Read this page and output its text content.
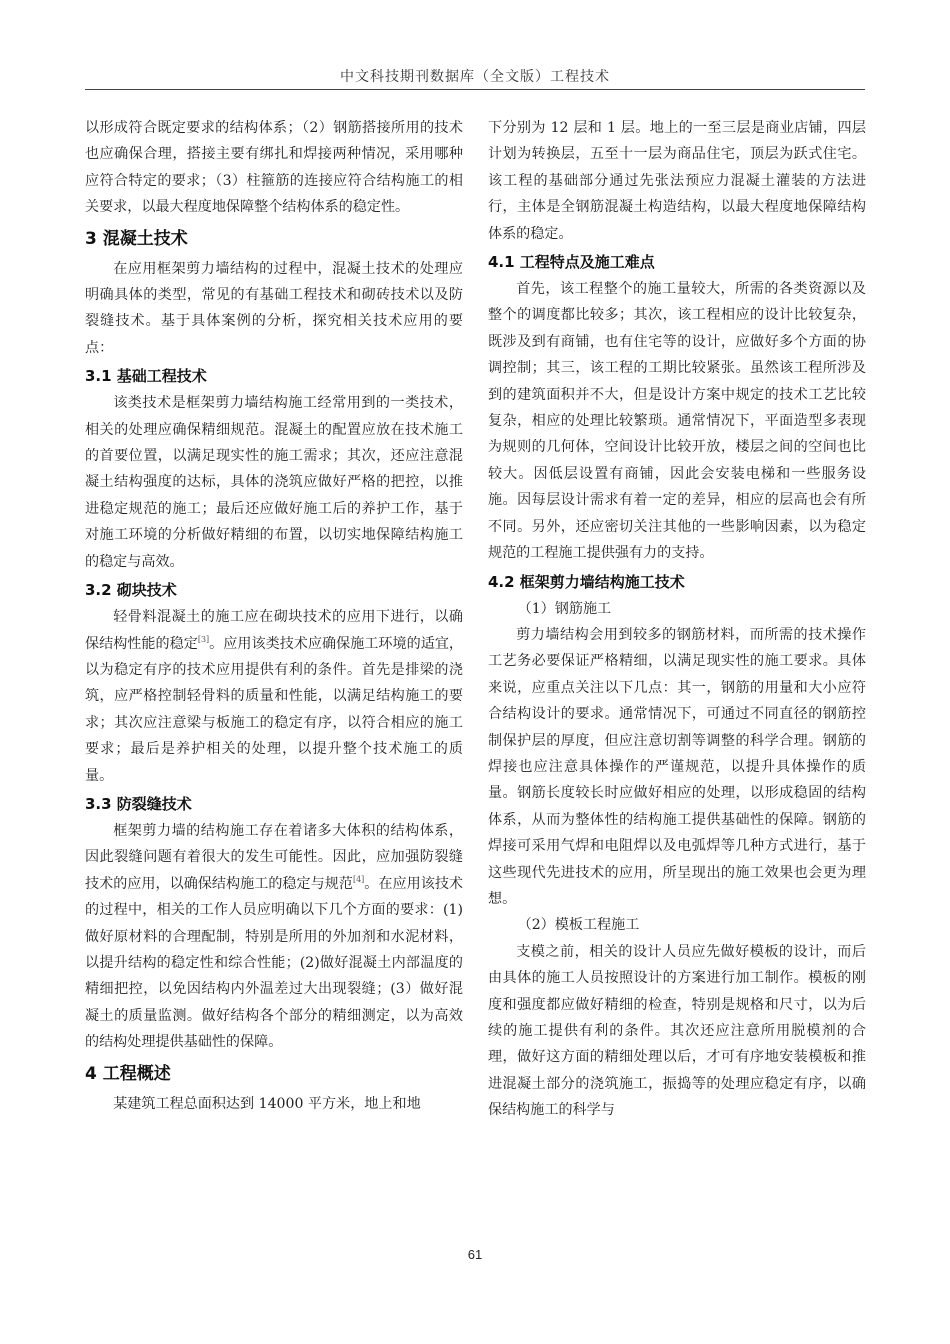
中文科技期刊数据库（全文版）工程技术

以形成符合既定要求的结构体系；（2）钢筋搭接所用的技术也应确保合理，搭接主要有绑扎和焊接两种情况，采用哪种应符合特定的要求；（3）柱箍筋的连接应符合结构施工的相关要求，以最大程度地保障整个结构体系的稳定性。

3 混凝土技术

在应用框架剪力墙结构的过程中，混凝土技术的处理应明确具体的类型，常见的有基础工程技术和砌砖技术以及防裂缝技术。基于具体案例的分析，探究相关技术应用的要点：

3.1 基础工程技术

该类技术是框架剪力墙结构施工经常用到的一类技术，相关的处理应确保精细规范。混凝土的配置应放在技术施工的首要位置，以满足现实性的施工需求；其次，还应注意混凝土结构强度的达标，具体的浇筑应做好严格的把控，以推进稳定规范的施工；最后还应做好施工后的养护工作，基于对施工环境的分析做好精细的布置，以切实地保障结构施工的稳定与高效。

3.2 砌块技术

轻骨料混凝土的施工应在砌块技术的应用下进行，以确保结构性能的稳定[3]。应用该类技术应确保施工环境的适宜，以为稳定有序的技术应用提供有利的条件。首先是排梁的浇筑，应严格控制轻骨料的质量和性能，以满足结构施工的要求；其次应注意梁与板施工的稳定有序，以符合相应的施工要求；最后是养护相关的处理，以提升整个技术施工的质量。

3.3 防裂缝技术

框架剪力墙的结构施工存在着诸多大体积的结构体系，因此裂缝问题有着很大的发生可能性。因此，应加强防裂缝技术的应用，以确保结构施工的稳定与规范[4]。在应用该技术的过程中，相关的工作人员应明确以下几个方面的要求：(1)做好原材料的合理配制，特别是所用的外加剂和水泥材料，以提升结构的稳定性和综合性能；(2)做好混凝土内部温度的精细把控，以免因结构内外温差过大出现裂缝；(3）做好混凝土的质量监测。做好结构各个部分的精细测定，以为高效的结构处理提供基础性的保障。

4 工程概述

某建筑工程总面积达到 14000 平方米，地上和地

下分别为 12 层和 1 层。地上的一至三层是商业店铺，四层计划为转换层，五至十一层为商品住宅，顶层为跃式住宅。该工程的基础部分通过先张法预应力混凝土灌装的方法进行，主体是全钢筋混凝土构造结构，以最大程度地保障结构体系的稳定。

4.1 工程特点及施工难点

首先，该工程整个的施工量较大，所需的各类资源以及整个的调度都比较多；其次，该工程相应的设计比较复杂，既涉及到有商铺，也有住宅等的设计，应做好多个方面的协调控制；其三，该工程的工期比较紧张。虽然该工程所涉及到的建筑面积并不大，但是设计方案中规定的技术工艺比较复杂，相应的处理比较繁琐。通常情况下，平面造型多表现为规则的几何体，空间设计比较开放，楼层之间的空间也比较大。因低层设置有商铺，因此会安装电梯和一些服务设施。因每层设计需求有着一定的差异，相应的层高也会有所不同。另外，还应密切关注其他的一些影响因素，以为稳定规范的工程施工提供强有力的支持。

4.2 框架剪力墙结构施工技术

（1）钢筋施工

剪力墙结构会用到较多的钢筋材料，而所需的技术操作工艺务必要保证严格精细，以满足现实性的施工要求。具体来说，应重点关注以下几点：其一，钢筋的用量和大小应符合结构设计的要求。通常情况下，可通过不同直径的钢筋控制保护层的厚度，但应注意切割等调整的科学合理。钢筋的焊接也应注意具体操作的严谨规范，以提升具体操作的质量。钢筋长度较长时应做好相应的处理，以形成稳固的结构体系，从而为整体性的结构施工提供基础性的保障。钢筋的焊接可采用气焊和电阻焊以及电弧焊等几种方式进行，基于这些现代先进技术的应用，所呈现出的施工效果也会更为理想。

（2）模板工程施工

支模之前，相关的设计人员应先做好模板的设计，而后由具体的施工人员按照设计的方案进行加工制作。模板的刚度和强度都应做好精细的检查，特别是规格和尺寸，以为后续的施工提供有利的条件。其次还应注意所用脱模剂的合理，做好这方面的精细处理以后，才可有序地安装模板和推进混凝土部分的浇筑施工，振捣等的处理应稳定有序，以确保结构施工的科学与

61
